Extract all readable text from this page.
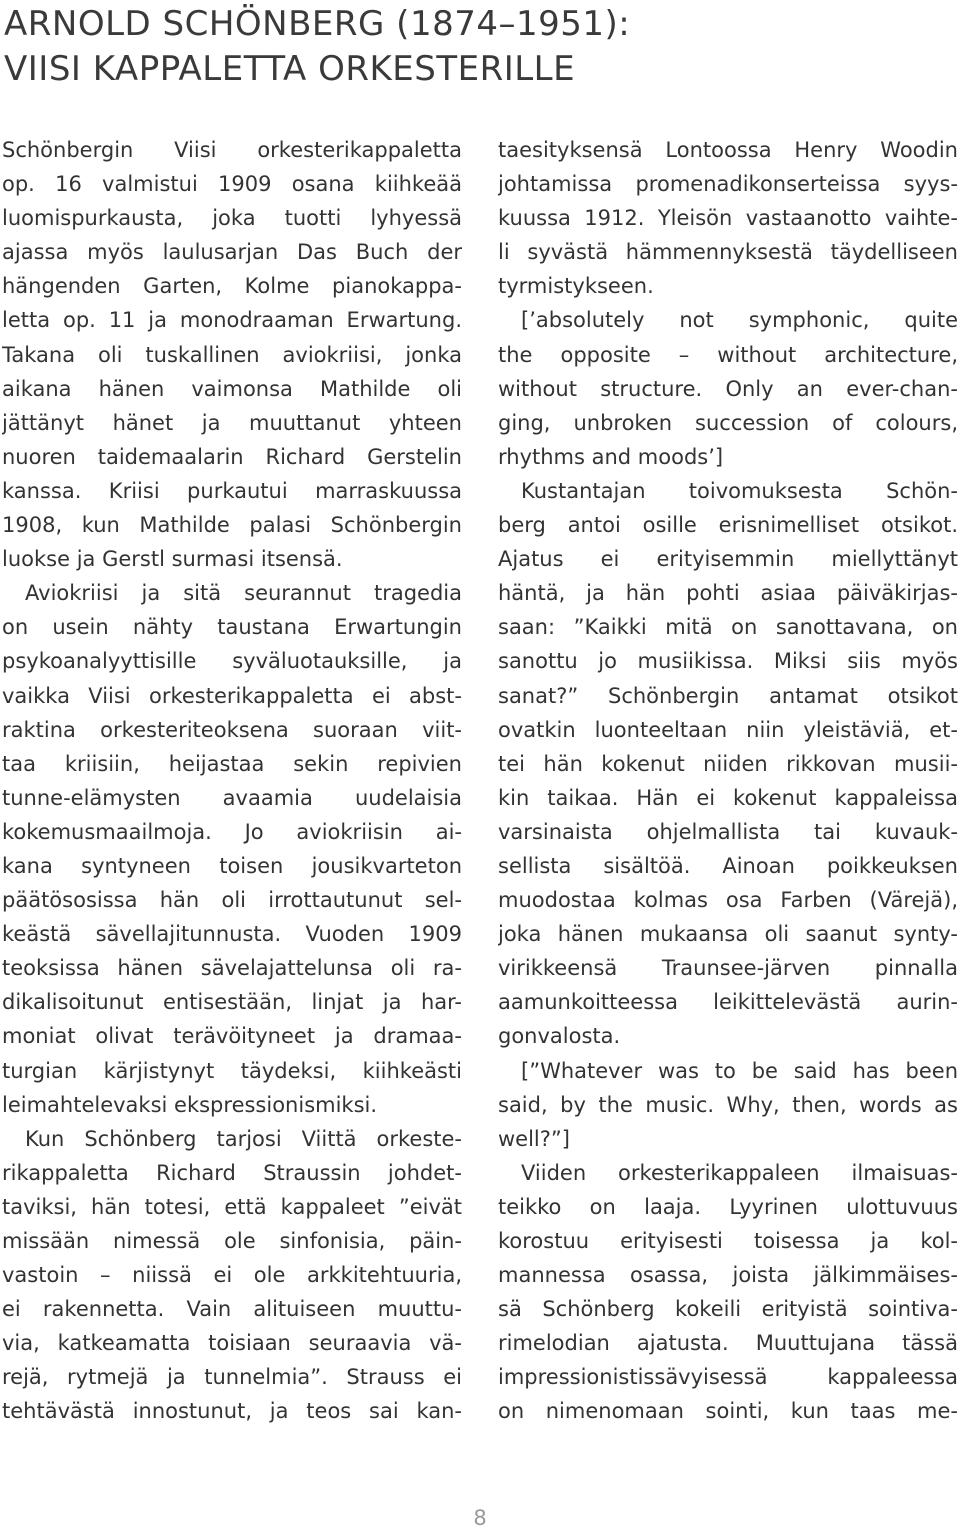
ARNOLD SCHÖNBERG (1874–1951):
VIISI KAPPALETTA ORKESTERILLE
Schönbergin Viisi orkesterikappaletta
op. 16 valmistui 1909 osana kiihkeää
luomispurkausta, joka tuotti lyhyessä
ajassa myös laulusarjan Das Buch der
hängenden Garten, Kolme pianokappa-
letta op. 11 ja monodraaman Erwartung.
Takana oli tuskallinen aviokriisi, jonka
aikana hänen vaimonsa Mathilde oli
jättänyt hänet ja muuttanut yhteen
nuoren taidemaalarin Richard Gerstelin
kanssa. Kriisi purkautui marraskuussa
1908, kun Mathilde palasi Schönbergin
luokse ja Gerstl surmasi itsensä.
Aviokriisi ja sitä seurannut tragedia
on usein nähty taustana Erwartungin
psykoanalyyttisille syväluotauksille, ja
vaikka Viisi orkesterikappaletta ei abst-
raktina orkesteriteoksena suoraan viit-
taa kriisiin, heijastaa sekin repivien
tunne-elämysten avaamia uudelaisia
kokemusmaailmoja. Jo aviokriisin ai-
kana syntyneen toisen jousikvarteton
päätösosissa hän oli irrottautunut sel-
keästä sävellajitunnusta. Vuoden 1909
teoksissa hänen sävelajattelunsa oli ra-
dikalisoitunut entisestään, linjat ja har-
moniat olivat terävöityneet ja dramaa-
turgian kärjistynyt täydeksi, kiihkeästi
leimahtelevaksi ekspressionismiksi.
Kun Schönberg tarjosi Viittä orkeste-
rikappaletta Richard Straussin johdet-
taviksi, hän totesi, että kappaleet ”eivät
missään nimessä ole sinfonisia, päin-
vastoin – niissä ei ole arkkitehtuuria,
ei rakennetta. Vain alituiseen muuttu-
via, katkeamatta toisiaan seuraavia vä-
rejä, rytmejä ja tunnelmia”. Strauss ei
tehtävästä innostunut, ja teos sai kan-
taesityksensä Lontoossa Henry Woodin
johtamissa promenadikonserteissa syys-
kuussa 1912. Yleisön vastaanotto vaihte-
li syvästä hämmennyksestä täydelliseen
tyrmistykseen.
[’absolutely not symphonic, quite
the opposite – without architecture,
without structure. Only an ever-chan-
ging, unbroken succession of colours,
rhythms and moods’]
Kustantajan toivomuksesta Schön-
berg antoi osille erisnimelliset otsikot.
Ajatus ei erityisemmin miellyttänyt
häntä, ja hän pohti asiaa päiväkirjas-
saan: ”Kaikki mitä on sanottavana, on
sanottu jo musiikissa. Miksi siis myös
sanat?” Schönbergin antamat otsikot
ovatkin luonteeltaan niin yleistäviä, et-
tei hän kokenut niiden rikkovan musii-
kin taikaa. Hän ei kokenut kappaleissa
varsinaista ohjelmallista tai kuvauk-
sellista sisältöä. Ainoan poikkeuksen
muodostaa kolmas osa Farben (Värejä),
joka hänen mukaansa oli saanut synty-
virikkeensä Traunsee-järven pinnalla
aamunkoitteessa leikittelevästä aurin-
gonvalosta.
[”Whatever was to be said has been
said, by the music. Why, then, words as
well?”]
Viiden orkesterikappaleen ilmaisuas-
teikko on laaja. Lyyrinen ulottuvuus
korostuu erityisesti toisessa ja kol-
mannessa osassa, joista jälkimmäises-
sä Schönberg kokeili erityistä sointiva-
rimelodian ajatusta. Muuttujana tässä
impressionistissävyisessä kappaleessa
on nimenomaan sointi, kun taas me-
8
